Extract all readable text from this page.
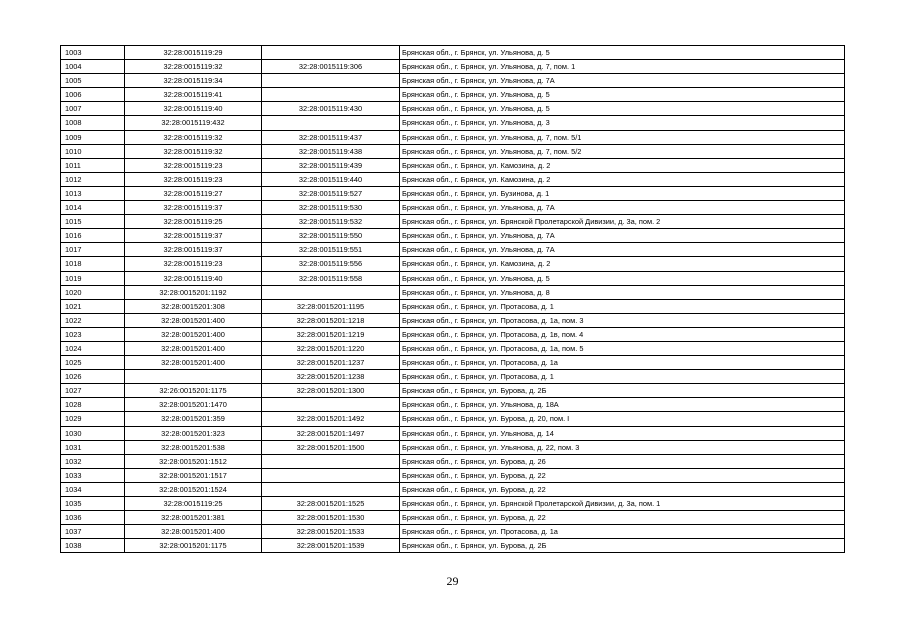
1003	32:28:0015119:29		Брянская обл., г. Брянск, ул. Ульянова, д. 5
1004	32:28:0015119:32	32:28:0015119:306	Брянская обл., г. Брянск, ул. Ульянова, д. 7, пом. 1
1005	32:28:0015119:34		Брянская обл., г. Брянск, ул. Ульянова, д. 7А
1006	32:28:0015119:41		Брянская обл., г. Брянск, ул. Ульянова, д. 5
1007	32:28:0015119:40	32:28:0015119:430	Брянская обл., г. Брянск, ул. Ульянова, д. 5
1008	32:28:0015119:432		Брянская обл., г. Брянск, ул. Ульянова, д. 3
1009	32:28:0015119:32	32:28:0015119:437	Брянская обл., г. Брянск, ул. Ульянова, д. 7, пом. 5/1
1010	32:28:0015119:32	32:28:0015119:438	Брянская обл., г. Брянск, ул. Ульянова, д. 7, пом. 5/2
1011	32:28:0015119:23	32:28:0015119:439	Брянская обл., г. Брянск, ул. Камозина, д. 2
1012	32:28:0015119:23	32:28:0015119:440	Брянская обл., г. Брянск, ул. Камозина, д. 2
1013	32:28:0015119:27	32:28:0015119:527	Брянская обл., г. Брянск, ул. Бузинова, д. 1
1014	32:28:0015119:37	32:28:0015119:530	Брянская обл., г. Брянск, ул. Ульянова, д. 7А
1015	32:28:0015119:25	32:28:0015119:532	Брянская обл., г. Брянск, ул. Брянской Пролетарской Дивизии, д. 3а, пом. 2
1016	32:28:0015119:37	32:28:0015119:550	Брянская обл., г. Брянск, ул. Ульянова, д. 7А
1017	32:28:0015119:37	32:28:0015119:551	Брянская обл., г. Брянск, ул. Ульянова, д. 7А
1018	32:28:0015119:23	32:28:0015119:556	Брянская обл., г. Брянск, ул. Камозина, д. 2
1019	32:28:0015119:40	32:28:0015119:558	Брянская обл., г. Брянск, ул. Ульянова, д. 5
1020	32:28:0015201:1192		Брянская обл., г. Брянск, ул. Ульянова, д. 8
1021	32:28:0015201:308	32:28:0015201:1195	Брянская обл., г. Брянск, ул. Протасова, д. 1
1022	32:28:0015201:400	32:28:0015201:1218	Брянская обл., г. Брянск, ул. Протасова, д. 1а, пом. 3
1023	32:28:0015201:400	32:28:0015201:1219	Брянская обл., г. Брянск, ул. Протасова, д. 1в, пом. 4
1024	32:28:0015201:400	32:28:0015201:1220	Брянская обл., г. Брянск, ул. Протасова, д. 1а, пом. 5
1025	32:28:0015201:400	32:28:0015201:1237	Брянская обл., г. Брянск, ул. Протасова, д. 1а
1026		32:28:0015201:1238	Брянская обл., г. Брянск, ул. Протасова, д. 1
1027	32:26:0015201:1175	32:28:0015201:1300	Брянская обл., г. Брянск, ул. Бурова, д. 2Б
1028	32:28:0015201:1470		Брянская обл., г. Брянск, ул. Ульянова, д. 18А
1029	32:28:0015201:359	32:28:0015201:1492	Брянская обл., г. Брянск, ул. Бурова, д. 20, пом. I
1030	32:28:0015201:323	32:28:0015201:1497	Брянская обл., г. Брянск, ул. Ульянова, д. 14
1031	32:28:0015201:538	32:28:0015201:1500	Брянская обл., г. Брянск, ул. Ульянова, д. 22, пом. 3
1032	32:28:0015201:1512		Брянская обл., г. Брянск, ул. Бурова, д. 26
1033	32:28:0015201:1517		Брянская обл., г. Брянск, ул. Бурова, д. 22
1034	32:28:0015201:1524		Брянская обл., г. Брянск, ул. Бурова, д. 22
1035	32:28:0015119:25	32:28:0015201:1525	Брянская обл., г. Брянск, ул. Брянской Пролетарской Дивизии, д. 3а, пом. 1
1036	32:28:0015201:381	32:28:0015201:1530	Брянская обл., г. Брянск, ул. Бурова, д. 22
1037	32:28:0015201:400	32:28:0015201:1533	Брянская обл., г. Брянск, ул. Протасова, д. 1а
1038	32:28:0015201:1175	32:28:0015201:1539	Брянская обл., г. Брянск, ул. Бурова, д. 2Б
29
